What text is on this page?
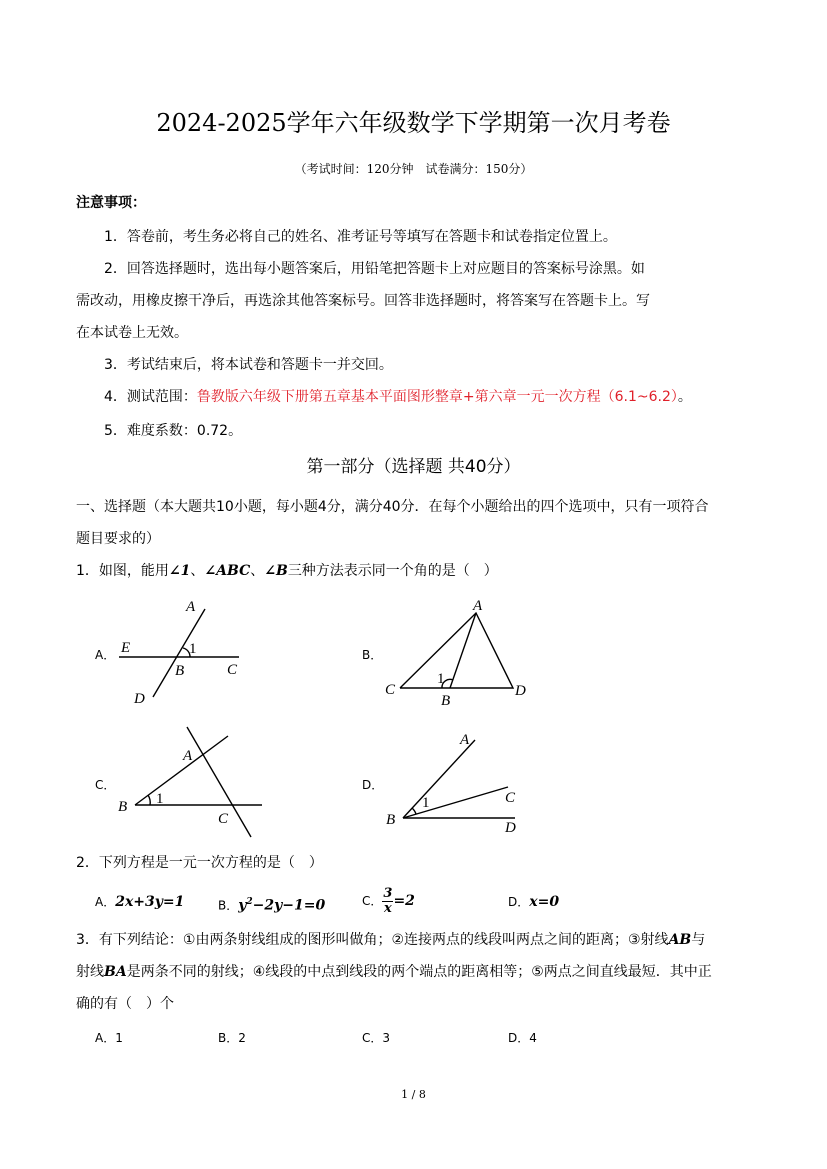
2024-2025学年六年级数学下学期第一次月考卷
（考试时间：120分钟　试卷满分：150分）
注意事项：
1．答卷前，考生务必将自己的姓名、准考证号等填写在答题卡和试卷指定位置上。
2．回答选择题时，选出每小题答案后，用铅笔把答题卡上对应题目的答案标号涂黑。如
需改动，用橡皮擦干净后，再选涂其他答案标号。回答非选择题时，将答案写在答题卡上。写
在本试卷上无效。
3．考试结束后，将本试卷和答题卡一并交回。
4．测试范围：鲁教版六年级下册第五章基本平面图形整章+第六章一元一次方程（6.1~6.2）。
5．难度系数：0.72。
第一部分（选择题 共40分）
一、选择题（本大题共10小题，每小题4分，满分40分．在每个小题给出的四个选项中，只有一项符合
题目要求的）
1．如图，能用∠1、∠ABC、∠B三种方法表示同一个角的是（　）
A．	B．
C．	D．
A
E	1
B	C
D
A
C	D
B
1
A
B
C
1
A
C
D
B
1
2．下列方程是一元一次方程的是（　）
A．2x+3y=1	B．$y^2-2y-1=0$	C． $\frac{3}{x} =2$	D．x=0
3．有下列结论：①由两条射线组成的图形叫做角；②连接两点的线段叫两点之间的距离；③射线AB与
射线BA是两条不同的射线；④线段的中点到线段的两个端点的距离相等；⑤两点之间直线最短．其中正
确的有（　）个
A．1	B．2	C．3	D．4
1 / 8
